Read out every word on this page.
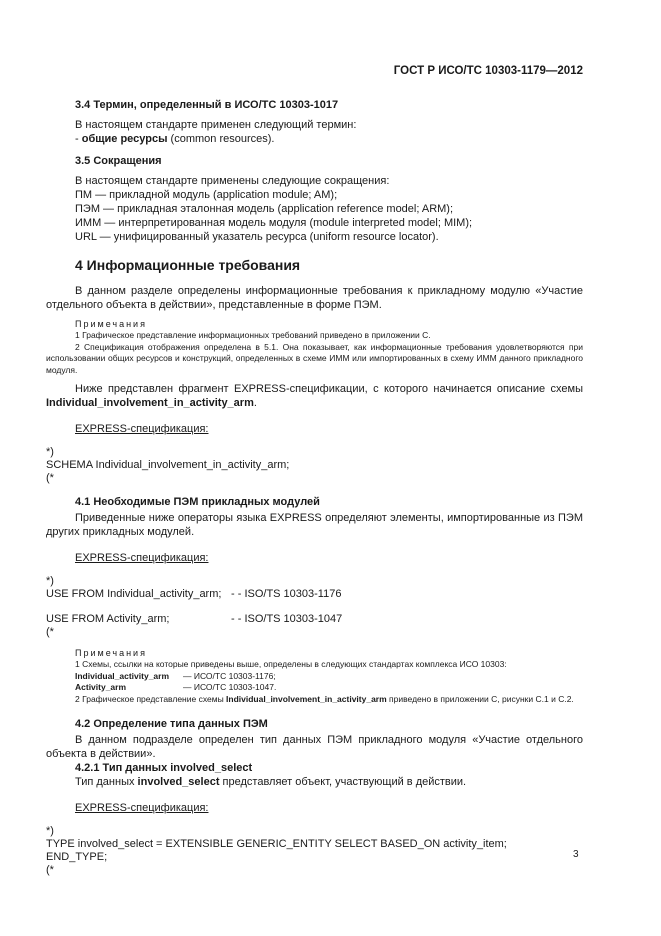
ГОСТ Р ИСО/ТС 10303-1179—2012
3.4 Термин, определенный в ИСО/ТС 10303-1017
В настоящем стандарте применен следующий термин:
- общие ресурсы (common resources).
3.5 Сокращения
В настоящем стандарте применены следующие сокращения:
ПМ — прикладной модуль (application module; AM);
ПЭМ — прикладная эталонная модель (application reference model; ARM);
ИММ — интерпретированная модель модуля (module interpreted model; MIM);
URL — унифицированный указатель ресурса (uniform resource locator).
4 Информационные требования
В данном разделе определены информационные требования к прикладному модулю «Участие отдельного объекта в действии», представленные в форме ПЭМ.
Примечания
1 Графическое представление информационных требований приведено в приложении С.
2 Спецификация отображения определена в 5.1. Она показывает, как информационные требования удовлетворяются при использовании общих ресурсов и конструкций, определенных в схеме ИММ или импортированных в схему ИММ данного прикладного модуля.
Ниже представлен фрагмент EXPRESS-спецификации, с которого начинается описание схемы Individual_involvement_in_activity_arm.
EXPRESS-спецификация:
*)
SCHEMA Individual_involvement_in_activity_arm;
(*
4.1 Необходимые ПЭМ прикладных модулей
Приведенные ниже операторы языка EXPRESS определяют элементы, импортированные из ПЭМ других прикладных модулей.
EXPRESS-спецификация:
*)
USE FROM Individual_activity_arm; - - ISO/TS 10303-1176
USE FROM Activity_arm;	- - ISO/TS 10303-1047
(*
Примечания
1 Схемы, ссылки на которые приведены выше, определены в следующих стандартах комплекса ИСО 10303:
Individual_activity_arm — ИСО/ТС 10303-1176;
Activity_arm	— ИСО/ТС 10303-1047.
2 Графическое представление схемы Individual_involvement_in_activity_arm приведено в приложении С, рисунки С.1 и С.2.
4.2 Определение типа данных ПЭМ
В данном подразделе определен тип данных ПЭМ прикладного модуля «Участие отдельного объекта в действии».
4.2.1 Тип данных involved_select
Тип данных involved_select представляет объект, участвующий в действии.
EXPRESS-спецификация:
*)
TYPE involved_select = EXTENSIBLE GENERIC_ENTITY SELECT BASED_ON activity_item;
END_TYPE;
(*
3
